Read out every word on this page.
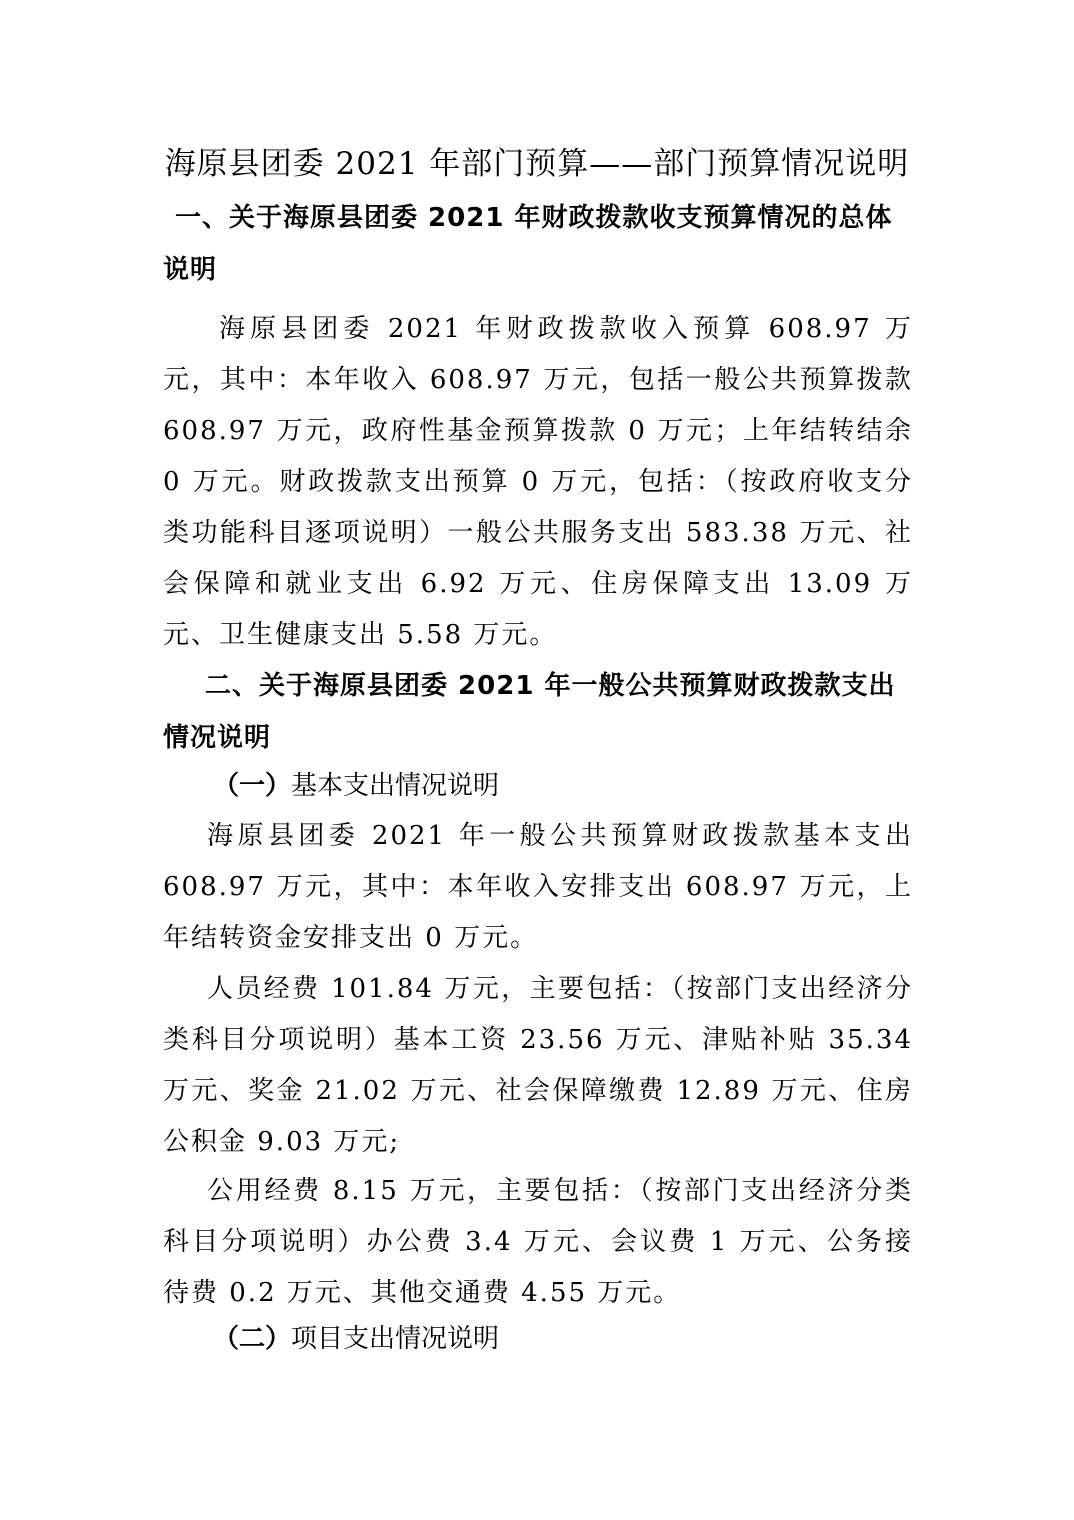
海原县团委 2021 年部门预算——部门预算情况说明
一、关于海原县团委 2021 年财政拨款收支预算情况的总体说明
海原县团委 2021 年财政拨款收入预算 608.97 万元，其中：本年收入 608.97 万元，包括一般公共预算拨款 608.97 万元，政府性基金预算拨款 0 万元；上年结转结余 0 万元。财政拨款支出预算 0 万元，包括：（按政府收支分类功能科目逐项说明）一般公共服务支出 583.38 万元、社会保障和就业支出 6.92 万元、住房保障支出 13.09 万元、卫生健康支出 5.58 万元。
二、关于海原县团委 2021 年一般公共预算财政拨款支出情况说明
（一）基本支出情况说明
海原县团委 2021 年一般公共预算财政拨款基本支出 608.97 万元，其中：本年收入安排支出 608.97 万元，上年结转资金安排支出 0 万元。
人员经费 101.84 万元，主要包括：（按部门支出经济分类科目分项说明）基本工资 23.56 万元、津贴补贴 35.34 万元、奖金 21.02 万元、社会保障缴费 12.89 万元、住房公积金 9.03 万元;
公用经费 8.15 万元，主要包括：（按部门支出经济分类科目分项说明）办公费 3.4 万元、会议费 1 万元、公务接待费 0.2 万元、其他交通费 4.55 万元。
（二）项目支出情况说明
